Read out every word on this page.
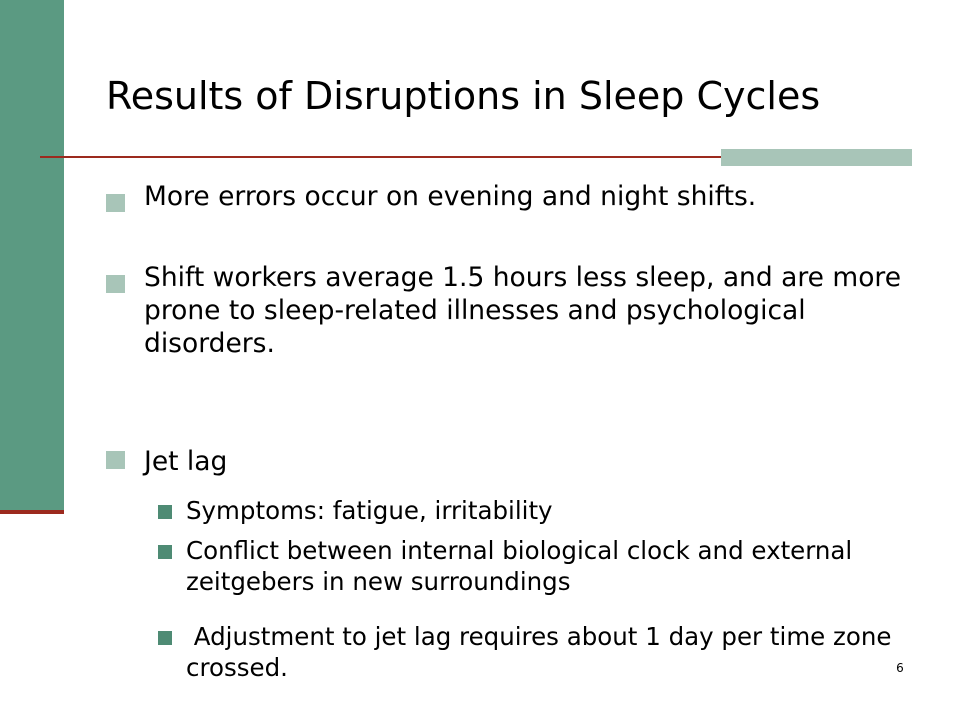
Results of Disruptions in Sleep Cycles
More errors occur on evening and night shifts.
Shift workers average 1.5 hours less sleep, and are more prone to sleep-related illnesses and psychological disorders.
Jet lag
Symptoms: fatigue, irritability
Conflict between internal biological clock and external zeitgebers in new surroundings
Adjustment to jet lag requires about 1 day per time zone crossed.	6
